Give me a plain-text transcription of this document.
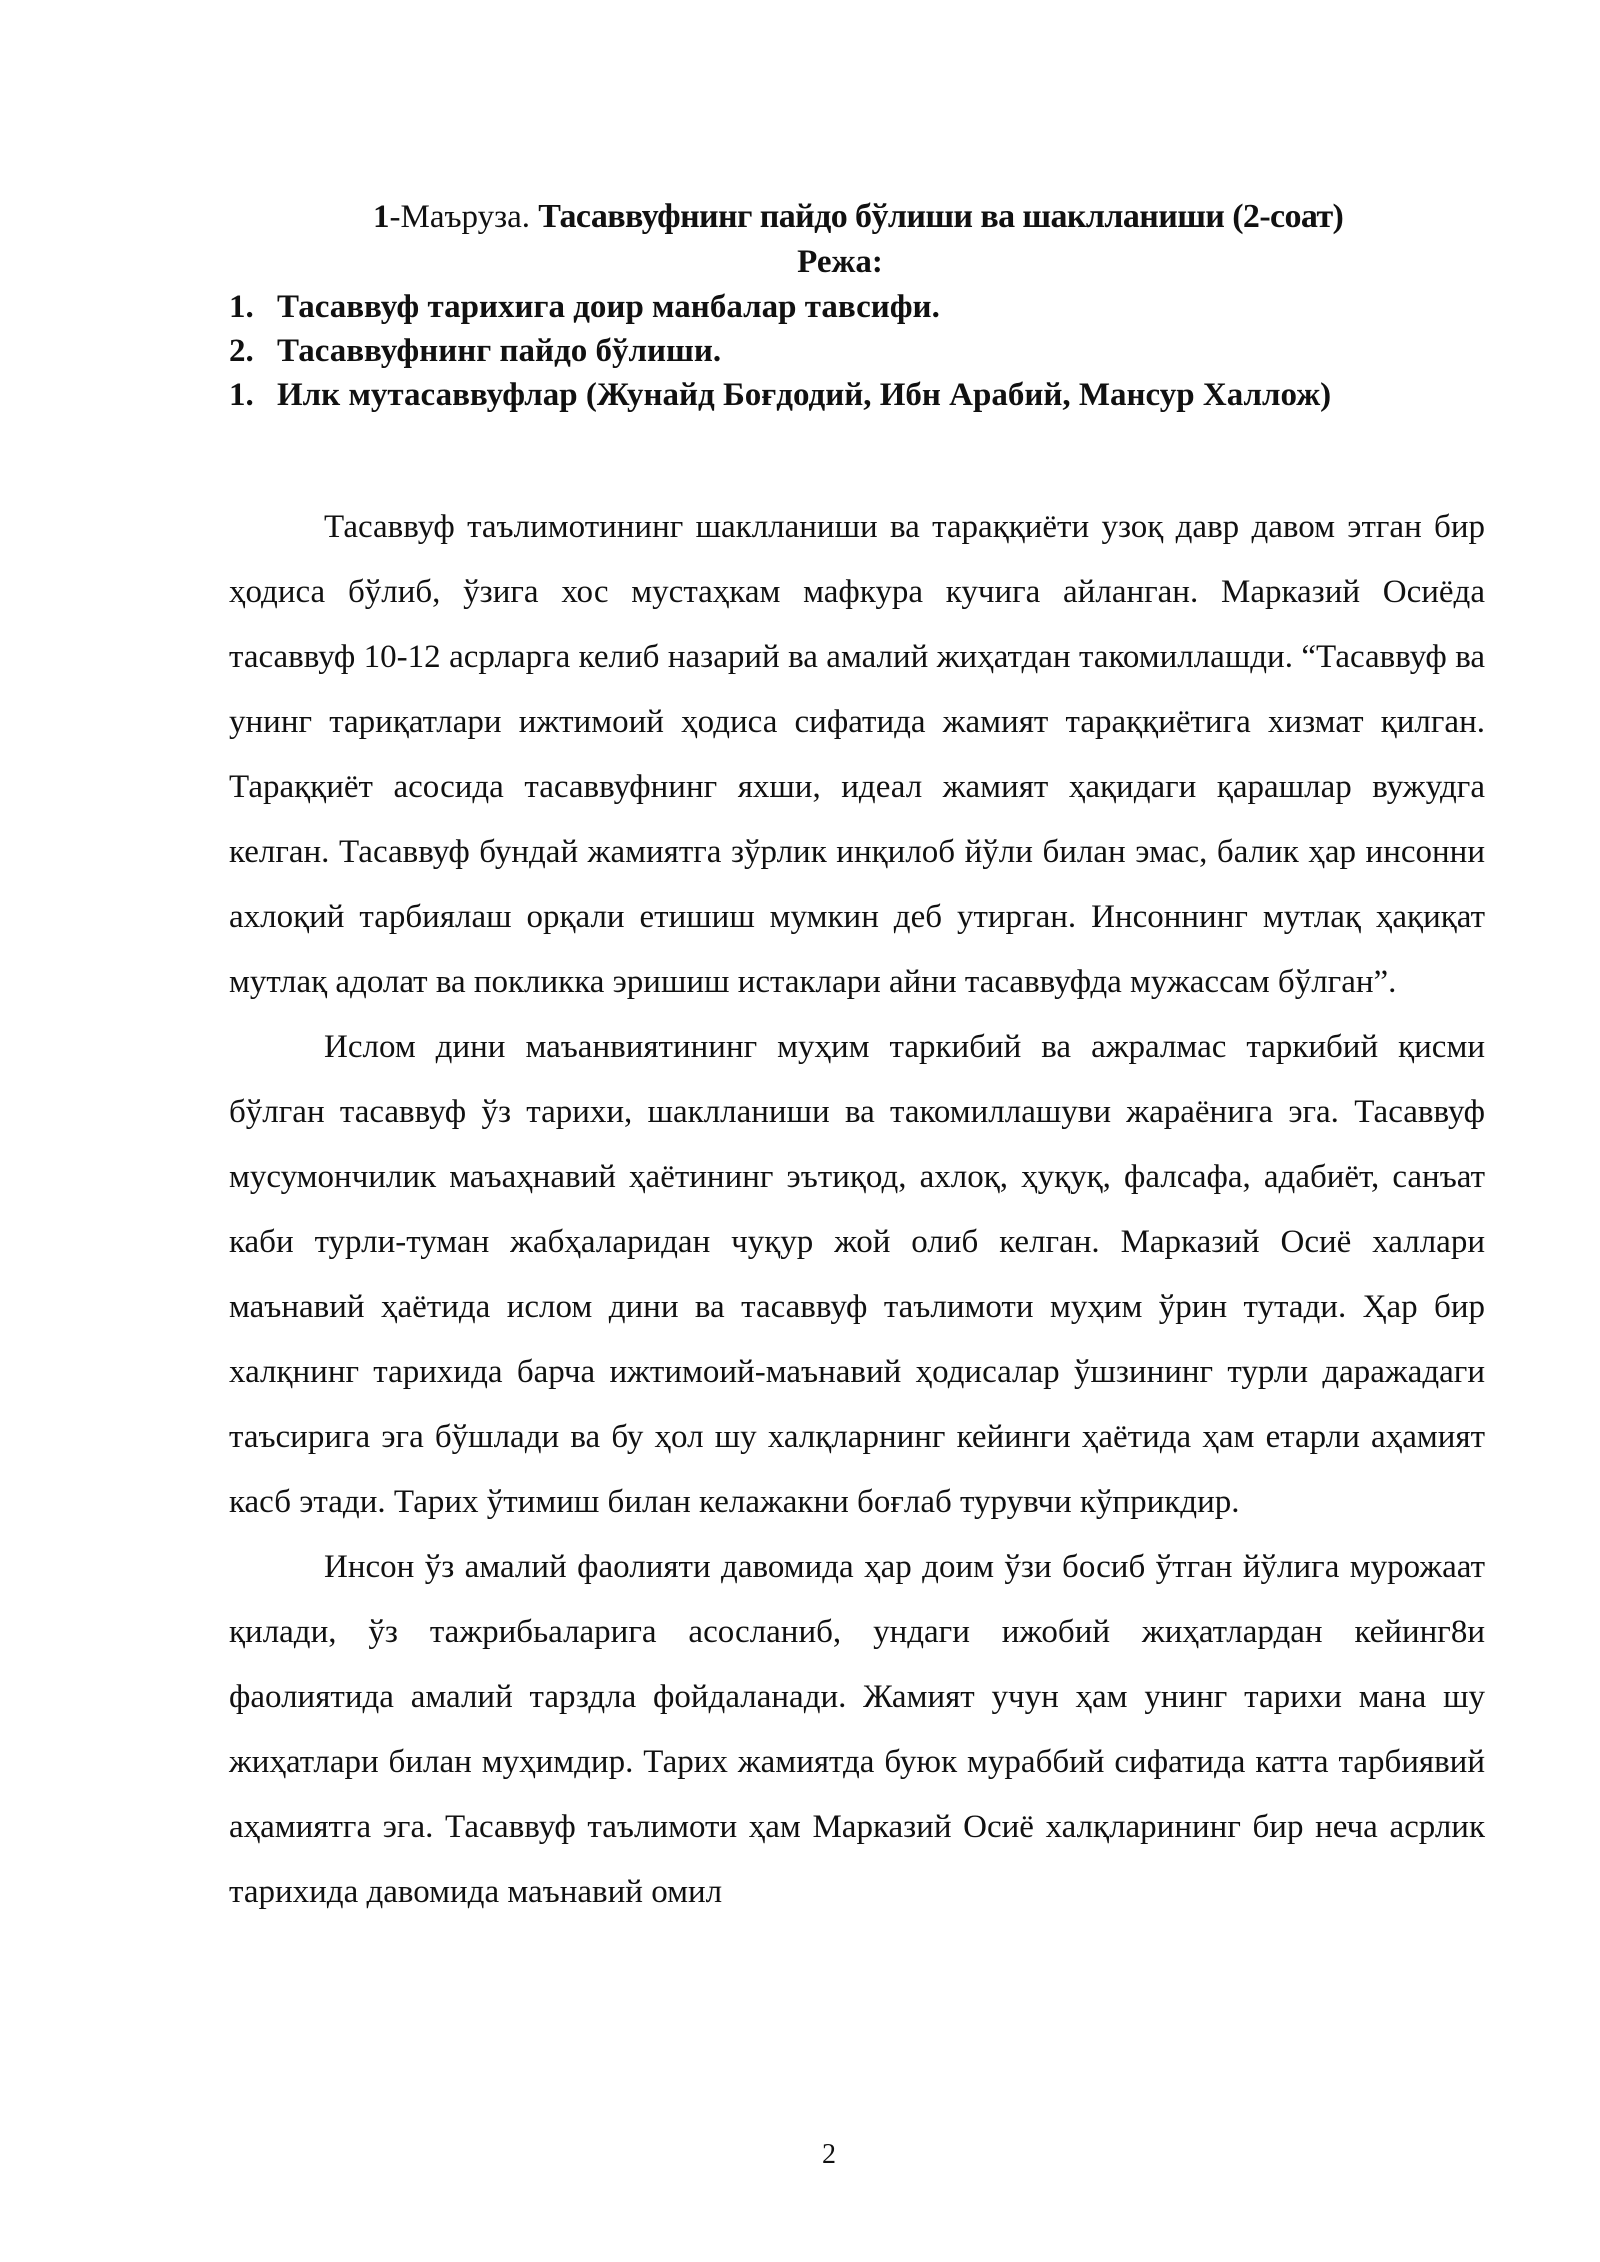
1-Маъруза. Тасаввуфнинг пайдо бўлиши ва шаклланиши (2-соат)
Режа:
1. Тасаввуф тарихига доир манбалар тавсифи.
2. Тасаввуфнинг пайдо бўлиши.
1. Илк мутасаввуфлар (Жунайд Боғдодий, Ибн Арабий, Мансур Халлож)

Тасаввуф таълимотининг шаклланиши ва тараққиёти узоқ давр давом этган бир ҳодиса бўлиб, ўзига хос мустаҳкам мафкура кучига айланган. Марказий Осиёда тасаввуф 10-12 асрларга келиб назарий ва амалий жиҳатдан такомиллашди. “Тасаввуф ва унинг тариқатлари ижтимоий ҳодиса сифатида жамият тараққиётига хизмат қилган. Тараққиёт асосида тасаввуфнинг яхши, идеал жамият ҳақидаги қарашлар вужудга келган. Тасаввуф бундай жамиятга зўрлик инқилоб йўли билан эмас, балик ҳар инсонни ахлоқий тарбиялаш орқали етишиш мумкин деб утирган. Инсоннинг мутлақ ҳақиқат мутлақ адолат ва покликка эришиш истаклари айни тасаввуфда мужассам бўлган”.

Ислом дини маъанвиятининг муҳим таркибий ва ажралмас таркибий қисми бўлган тасаввуф ўз тарихи, шаклланиши ва такомиллашуви жараёнига эга. Тасаввуф мусумончилик маъаҳнавий ҳаётининг эътиқод, ахлоқ, ҳуқуқ, фалсафа, адабиёт, санъат каби турли-туман жабҳаларидан чуқур жой олиб келган. Марказий Осиё халлари маънавий ҳаётида ислом дини ва тасаввуф таълимоти муҳим ўрин тутади. Ҳар бир халқнинг тарихида барча ижтимоий-маънавий ҳодисалар ўшзининг турли даражадаги таъсирига эга бўшлади ва бу ҳол шу халқларнинг кейинги ҳаётида ҳам етарли аҳамият касб этади. Тарих ўтимиш билан келажакни боғлаб турувчи кўприкдир.

Инсон ўз амалий фаолияти давомида ҳар доим ўзи босиб ўтган йўлига мурожаат қилади, ўз тажрибьаларига асосланиб, ундаги ижобий жиҳатлардан кейинг8и фаолиятида амалий тарздла фойдаланади. Жамият учун ҳам унинг тарихи мана шу жиҳатлари билан муҳимдир. Тарих жамиятда буюк мураббий сифатида катта тарбиявий аҳамиятга эга. Тасаввуф таълимоти ҳам Марказий Осиё халқларининг бир неча асрлик тарихида давомида маънавий омил

2
